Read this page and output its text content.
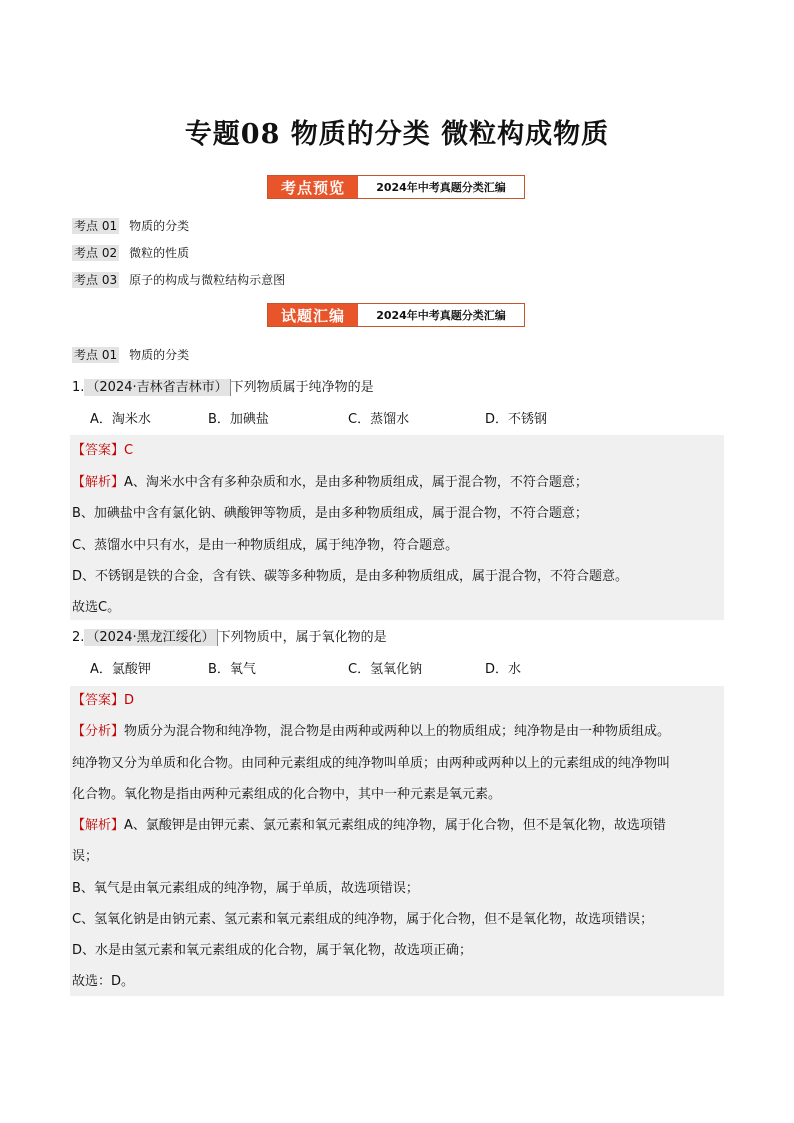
专题08 物质的分类 微粒构成物质
考点预览	2024年中考真题分类汇编
考点 01 物质的分类
考点 02 微粒的性质
考点 03 原子的构成与微粒结构示意图
试题汇编	2024年中考真题分类汇编
考点 01 物质的分类
1. （2024·吉林省吉林市） 下列物质属于纯净物的是
A．淘米水	B．加碘盐	C．蒸馏水	D．不锈钢
【答案】C
【解析】A、淘米水中含有多种杂质和水，是由多种物质组成，属于混合物，不符合题意；
B、加碘盐中含有氯化钠、碘酸钾等物质，是由多种物质组成，属于混合物，不符合题意；
C、蒸馏水中只有水，是由一种物质组成，属于纯净物，符合题意。
D、不锈钢是铁的合金，含有铁、碳等多种物质，是由多种物质组成，属于混合物，不符合题意。
故选C。
2. （2024·黑龙江绥化） 下列物质中，属于氧化物的是
A．氯酸钾	B．氧气	C．氢氧化钠	D．水
【答案】D
【分析】物质分为混合物和纯净物，混合物是由两种或两种以上的物质组成；纯净物是由一种物质组成。
纯净物又分为单质和化合物。由同种元素组成的纯净物叫单质；由两种或两种以上的元素组成的纯净物叫
化合物。氧化物是指由两种元素组成的化合物中，其中一种元素是氧元素。
【解析】A、氯酸钾是由钾元素、氯元素和氧元素组成的纯净物，属于化合物，但不是氧化物，故选项错
误；
B、氧气是由氧元素组成的纯净物，属于单质，故选项错误；
C、氢氧化钠是由钠元素、氢元素和氧元素组成的纯净物，属于化合物，但不是氧化物，故选项错误；
D、水是由氢元素和氧元素组成的化合物，属于氧化物，故选项正确；
故选：D。
